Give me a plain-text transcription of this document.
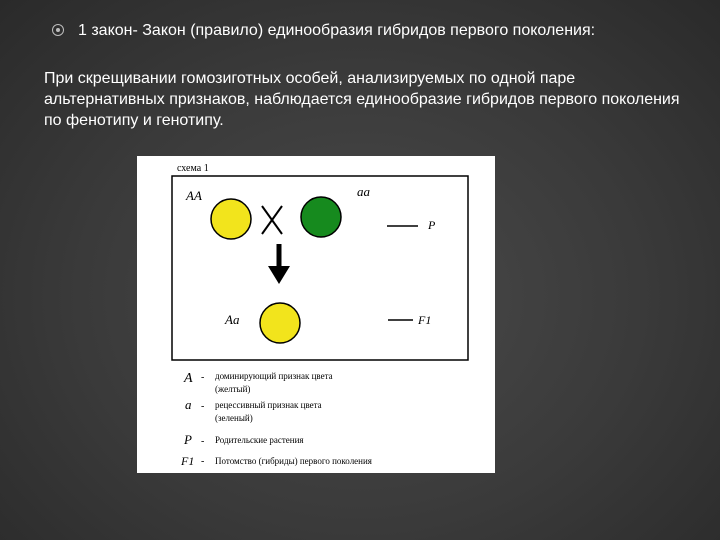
1 закон- Закон (правило) единообразия гибридов первого поколения:
При скрещивании гомозиготных особей, анализируемых по одной паре альтернативных признаков, наблюдается единообразие гибридов первого поколения по фенотипу и генотипу.
схема 1
AA	aa
P
Aa	F1
A - доминирующий признак цвета
(желтый)
a - рецессивный признак цвета
(зеленый)
P - Родительские растения
F1 - Потомство (гибриды) первого поколения
